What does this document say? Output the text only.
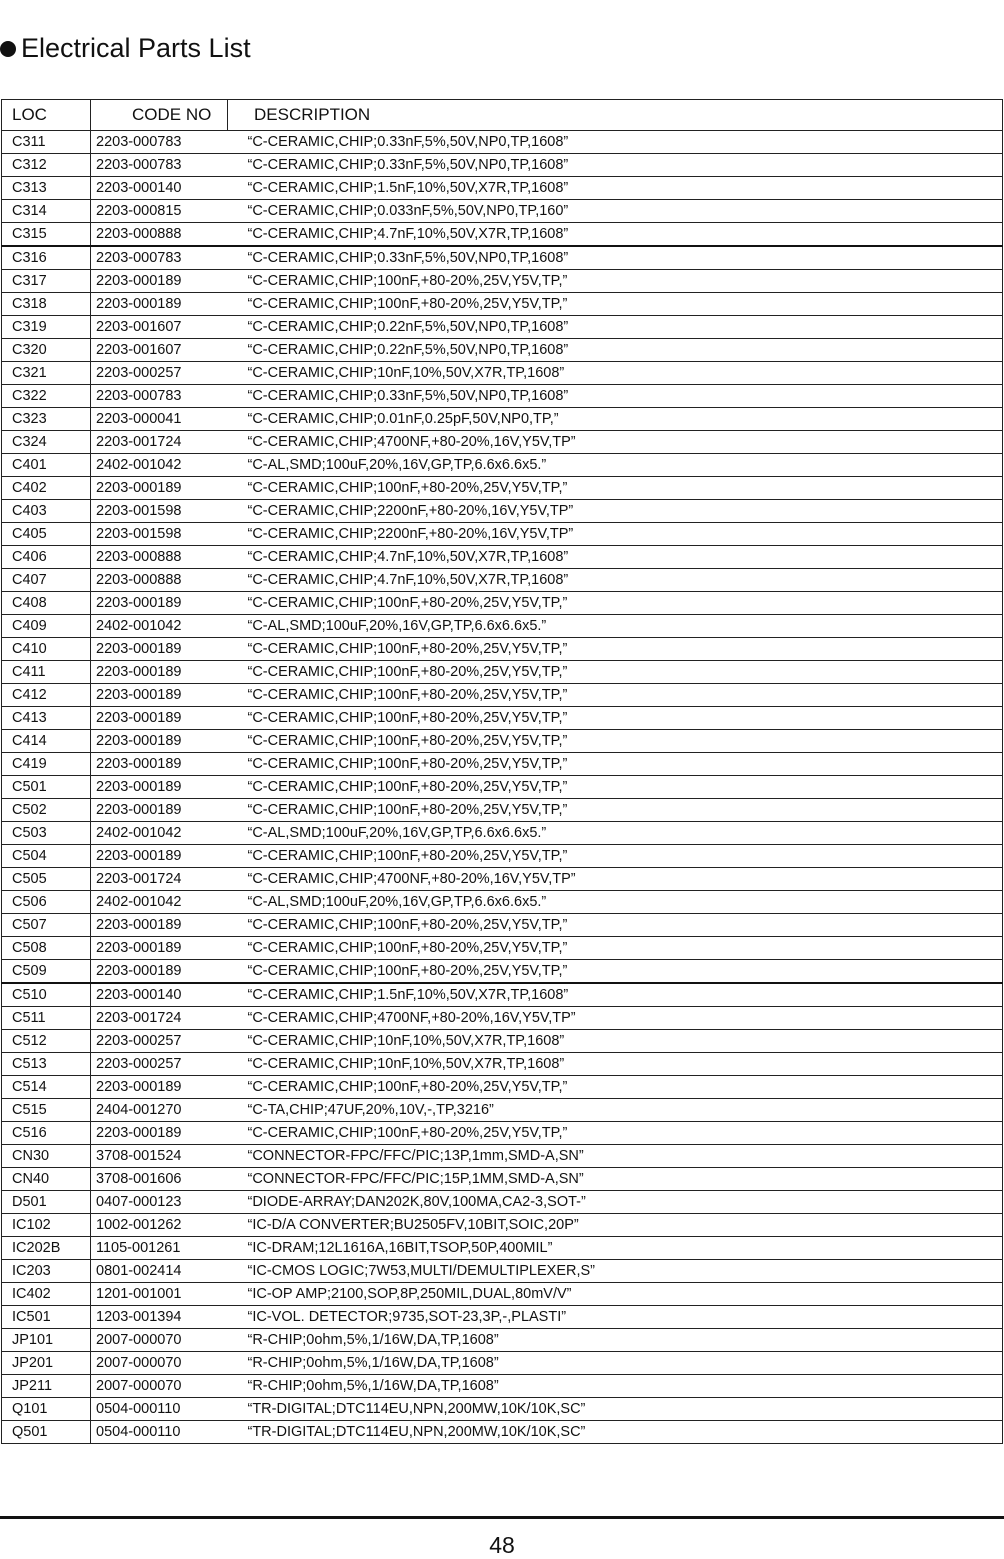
Electrical Parts List
LOC	CODE NO	DESCRIPTION
C311	2203-000783	“C-CERAMIC,CHIP;0.33nF,5%,50V,NP0,TP,1608”
C312	2203-000783	“C-CERAMIC,CHIP;0.33nF,5%,50V,NP0,TP,1608”
C313	2203-000140	“C-CERAMIC,CHIP;1.5nF,10%,50V,X7R,TP,1608”
C314	2203-000815	“C-CERAMIC,CHIP;0.033nF,5%,50V,NP0,TP,160”
C315	2203-000888	“C-CERAMIC,CHIP;4.7nF,10%,50V,X7R,TP,1608”
C316	2203-000783	“C-CERAMIC,CHIP;0.33nF,5%,50V,NP0,TP,1608”
C317	2203-000189	“C-CERAMIC,CHIP;100nF,+80-20%,25V,Y5V,TP,”
C318	2203-000189	“C-CERAMIC,CHIP;100nF,+80-20%,25V,Y5V,TP,”
C319	2203-001607	“C-CERAMIC,CHIP;0.22nF,5%,50V,NP0,TP,1608”
C320	2203-001607	“C-CERAMIC,CHIP;0.22nF,5%,50V,NP0,TP,1608”
C321	2203-000257	“C-CERAMIC,CHIP;10nF,10%,50V,X7R,TP,1608”
C322	2203-000783	“C-CERAMIC,CHIP;0.33nF,5%,50V,NP0,TP,1608”
C323	2203-000041	“C-CERAMIC,CHIP;0.01nF,0.25pF,50V,NP0,TP,”
C324	2203-001724	“C-CERAMIC,CHIP;4700NF,+80-20%,16V,Y5V,TP”
C401	2402-001042	“C-AL,SMD;100uF,20%,16V,GP,TP,6.6x6.6x5.”
C402	2203-000189	“C-CERAMIC,CHIP;100nF,+80-20%,25V,Y5V,TP,”
C403	2203-001598	“C-CERAMIC,CHIP;2200nF,+80-20%,16V,Y5V,TP”
C405	2203-001598	“C-CERAMIC,CHIP;2200nF,+80-20%,16V,Y5V,TP”
C406	2203-000888	“C-CERAMIC,CHIP;4.7nF,10%,50V,X7R,TP,1608”
C407	2203-000888	“C-CERAMIC,CHIP;4.7nF,10%,50V,X7R,TP,1608”
C408	2203-000189	“C-CERAMIC,CHIP;100nF,+80-20%,25V,Y5V,TP,”
C409	2402-001042	“C-AL,SMD;100uF,20%,16V,GP,TP,6.6x6.6x5.”
C410	2203-000189	“C-CERAMIC,CHIP;100nF,+80-20%,25V,Y5V,TP,”
C411	2203-000189	“C-CERAMIC,CHIP;100nF,+80-20%,25V,Y5V,TP,”
C412	2203-000189	“C-CERAMIC,CHIP;100nF,+80-20%,25V,Y5V,TP,”
C413	2203-000189	“C-CERAMIC,CHIP;100nF,+80-20%,25V,Y5V,TP,”
C414	2203-000189	“C-CERAMIC,CHIP;100nF,+80-20%,25V,Y5V,TP,”
C419	2203-000189	“C-CERAMIC,CHIP;100nF,+80-20%,25V,Y5V,TP,”
C501	2203-000189	“C-CERAMIC,CHIP;100nF,+80-20%,25V,Y5V,TP,”
C502	2203-000189	“C-CERAMIC,CHIP;100nF,+80-20%,25V,Y5V,TP,”
C503	2402-001042	“C-AL,SMD;100uF,20%,16V,GP,TP,6.6x6.6x5.”
C504	2203-000189	“C-CERAMIC,CHIP;100nF,+80-20%,25V,Y5V,TP,”
C505	2203-001724	“C-CERAMIC,CHIP;4700NF,+80-20%,16V,Y5V,TP”
C506	2402-001042	“C-AL,SMD;100uF,20%,16V,GP,TP,6.6x6.6x5.”
C507	2203-000189	“C-CERAMIC,CHIP;100nF,+80-20%,25V,Y5V,TP,”
C508	2203-000189	“C-CERAMIC,CHIP;100nF,+80-20%,25V,Y5V,TP,”
C509	2203-000189	“C-CERAMIC,CHIP;100nF,+80-20%,25V,Y5V,TP,”
C510	2203-000140	“C-CERAMIC,CHIP;1.5nF,10%,50V,X7R,TP,1608”
C511	2203-001724	“C-CERAMIC,CHIP;4700NF,+80-20%,16V,Y5V,TP”
C512	2203-000257	“C-CERAMIC,CHIP;10nF,10%,50V,X7R,TP,1608”
C513	2203-000257	“C-CERAMIC,CHIP;10nF,10%,50V,X7R,TP,1608”
C514	2203-000189	“C-CERAMIC,CHIP;100nF,+80-20%,25V,Y5V,TP,”
C515	2404-001270	“C-TA,CHIP;47UF,20%,10V,-,TP,3216”
C516	2203-000189	“C-CERAMIC,CHIP;100nF,+80-20%,25V,Y5V,TP,”
CN30	3708-001524	“CONNECTOR-FPC/FFC/PIC;13P,1mm,SMD-A,SN”
CN40	3708-001606	“CONNECTOR-FPC/FFC/PIC;15P,1MM,SMD-A,SN”
D501	0407-000123	“DIODE-ARRAY;DAN202K,80V,100MA,CA2-3,SOT-”
IC102	1002-001262	“IC-D/A CONVERTER;BU2505FV,10BIT,SOIC,20P”
IC202B	1105-001261	“IC-DRAM;12L1616A,16BIT,TSOP,50P,400MIL”
IC203	0801-002414	“IC-CMOS LOGIC;7W53,MULTI/DEMULTIPLEXER,S”
IC402	1201-001001	“IC-OP AMP;2100,SOP,8P,250MIL,DUAL,80mV/V”
IC501	1203-001394	“IC-VOL. DETECTOR;9735,SOT-23,3P,-,PLASTI”
JP101	2007-000070	“R-CHIP;0ohm,5%,1/16W,DA,TP,1608”
JP201	2007-000070	“R-CHIP;0ohm,5%,1/16W,DA,TP,1608”
JP211	2007-000070	“R-CHIP;0ohm,5%,1/16W,DA,TP,1608”
Q101	0504-000110	“TR-DIGITAL;DTC114EU,NPN,200MW,10K/10K,SC”
Q501	0504-000110	“TR-DIGITAL;DTC114EU,NPN,200MW,10K/10K,SC”
48
